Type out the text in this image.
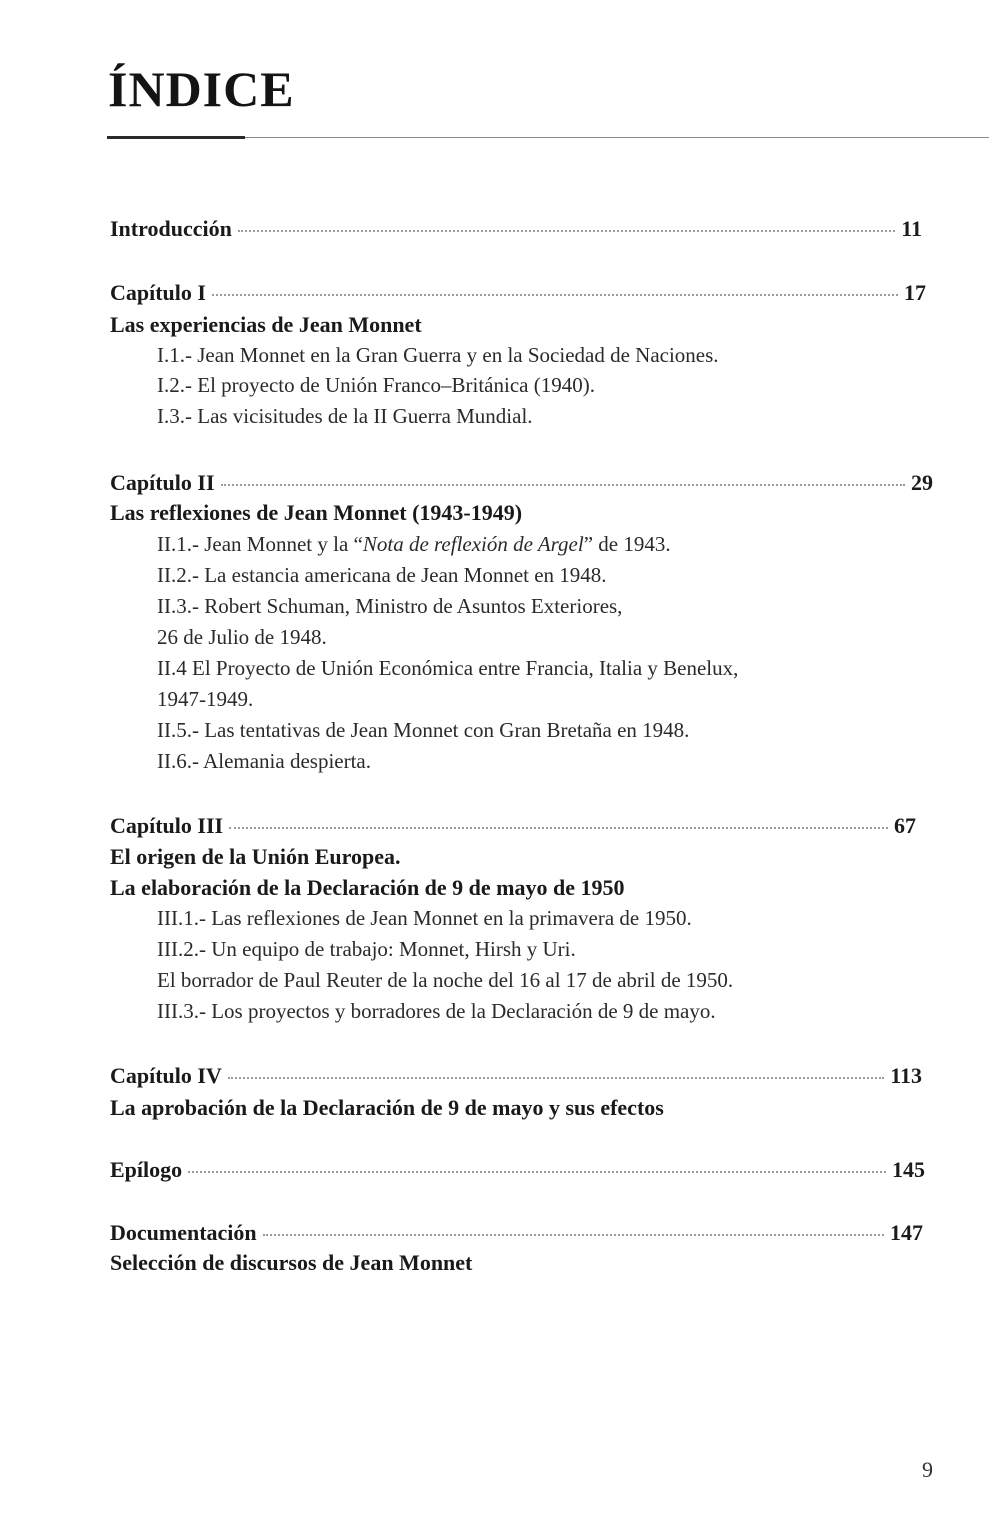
ÍNDICE
Introducción	11
Capítulo I	17
Las experiencias de Jean Monnet
I.1.- Jean Monnet en la Gran Guerra y en la Sociedad de Naciones.
I.2.- El proyecto de Unión Franco–Británica (1940).
I.3.- Las vicisitudes de la II Guerra Mundial.
Capítulo II	29
Las reflexiones de Jean Monnet (1943-1949)
II.1.- Jean Monnet y la “Nota de reflexión de Argel” de 1943.
II.2.- La estancia americana de Jean Monnet en 1948.
II.3.- Robert Schuman, Ministro de Asuntos Exteriores,
26 de Julio de 1948.
II.4 El Proyecto de Unión Económica entre Francia, Italia y Benelux,
1947-1949.
II.5.- Las tentativas de Jean Monnet con Gran Bretaña en 1948.
II.6.- Alemania despierta.
Capítulo III	67
El origen de la Unión Europea.
La elaboración de la Declaración de 9 de mayo de 1950
III.1.- Las reflexiones de Jean Monnet en la primavera de 1950.
III.2.- Un equipo de trabajo: Monnet, Hirsh y Uri.
El borrador de Paul Reuter de la noche del 16 al 17 de abril de 1950.
III.3.- Los proyectos y borradores de la Declaración de 9 de mayo.
Capítulo IV	113
La aprobación de la Declaración de 9 de mayo y sus efectos
Epílogo	145
Documentación	147
Selección de discursos de Jean Monnet
9
